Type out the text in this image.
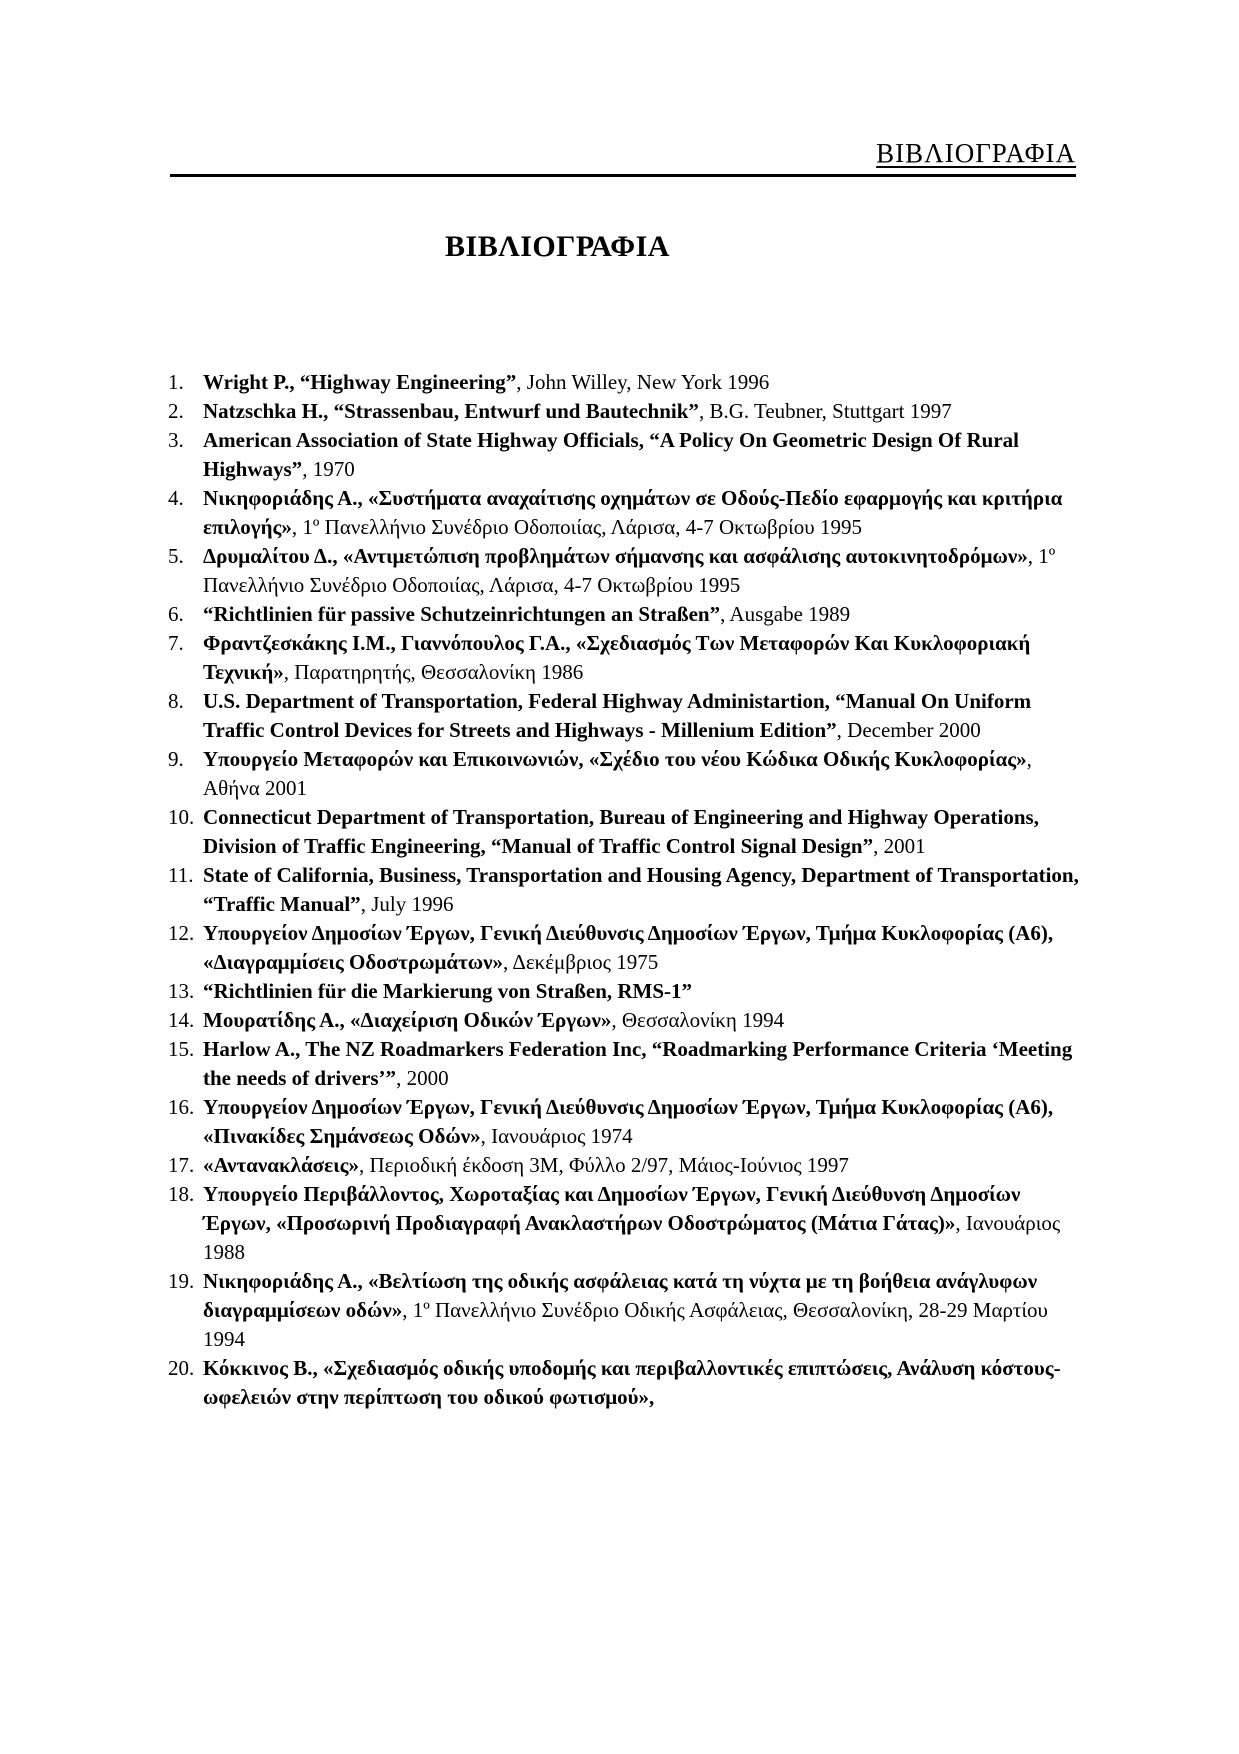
ΒΙΒΛΙΟΓΡΑΦΙΑ
ΒΙΒΛΙΟΓΡΑΦΙΑ
1. Wright P., “Highway Engineering”, John Willey, New York 1996
2. Natzschka H., “Strassenbau, Entwurf und Bautechnik”, B.G. Teubner, Stuttgart 1997
3. American Association of State Highway Officials, “A Policy On Geometric Design Of Rural Highways”, 1970
4. Νικηφοριάδης Α., «Συστήματα αναχαίτισης οχημάτων σε Οδούς-Πεδίο εφαρμογής και κριτήρια επιλογής», 1º Πανελλήνιο Συνέδριο Οδοποιίας, Λάρισα, 4-7 Οκτωβρίου 1995
5. Δρυμαλίτου Δ., «Αντιμετώπιση προβλημάτων σήμανσης και ασφάλισης αυτοκινητοδρόμων», 1º Πανελλήνιο Συνέδριο Οδοποιίας, Λάρισα, 4-7 Οκτωβρίου 1995
6. “Richtlinien für passive Schutzeinrichtungen an Straßen”, Ausgabe 1989
7. Φραντζεσκάκης Ι.Μ., Γιαννόπουλος Γ.Α., «Σχεδιασμός Των Μεταφορών Και Κυκλοφοριακή Τεχνική», Παρατηρητής, Θεσσαλονίκη 1986
8. U.S. Department of Transportation, Federal Highway Administartion, “Manual On Uniform Traffic Control Devices for Streets and Highways - Millenium Edition”, December 2000
9. Υπουργείο Μεταφορών και Επικοινωνιών, «Σχέδιο του νέου Κώδικα Οδικής Κυκλοφορίας», Αθήνα 2001
10. Connecticut Department of Transportation, Bureau of Engineering and Highway Operations, Division of Traffic Engineering, “Manual of Traffic Control Signal Design”, 2001
11. State of California, Business, Transportation and Housing Agency, Department of Transportation, “Traffic Manual”, July 1996
12. Υπουργείον Δημοσίων Έργων, Γενική Διεύθυνσις Δημοσίων Έργων, Τμήμα Κυκλοφορίας (Α6), «Διαγραμμίσεις Οδοστρωμάτων», Δεκέμβριος 1975
13. “Richtlinien für die Markierung von Straßen, RMS-1”
14. Μουρατίδης Α., «Διαχείριση Οδικών Έργων», Θεσσαλονίκη 1994
15. Harlow A., The NZ Roadmarkers Federation Inc, “Roadmarking Performance Criteria ‘Meeting the needs of drivers’”, 2000
16. Υπουργείον Δημοσίων Έργων, Γενική Διεύθυνσις Δημοσίων Έργων, Τμήμα Κυκλοφορίας (Α6), «Πινακίδες Σημάνσεως Οδών», Ιανουάριος 1974
17. «Αντανακλάσεις», Περιοδική έκδοση 3Μ, Φύλλο 2/97, Μάιος-Ιούνιος 1997
18. Υπουργείο Περιβάλλοντος, Χωροταξίας και Δημοσίων Έργων, Γενική Διεύθυνση Δημοσίων Έργων, «Προσωρινή Προδιαγραφή Ανακλαστήρων Οδοστρώματος (Μάτια Γάτας)», Ιανουάριος 1988
19. Νικηφοριάδης Α., «Βελτίωση της οδικής ασφάλειας κατά τη νύχτα με τη βοήθεια ανάγλυφων διαγραμμίσεων οδών», 1º Πανελλήνιο Συνέδριο Οδικής Ασφάλειας, Θεσσαλονίκη, 28-29 Μαρτίου 1994
20. Κόκκινος Β., «Σχεδιασμός οδικής υποδομής και περιβαλλοντικές επιπτώσεις, Ανάλυση κόστους-ωφελειών στην περίπτωση του οδικού φωτισμού»,
